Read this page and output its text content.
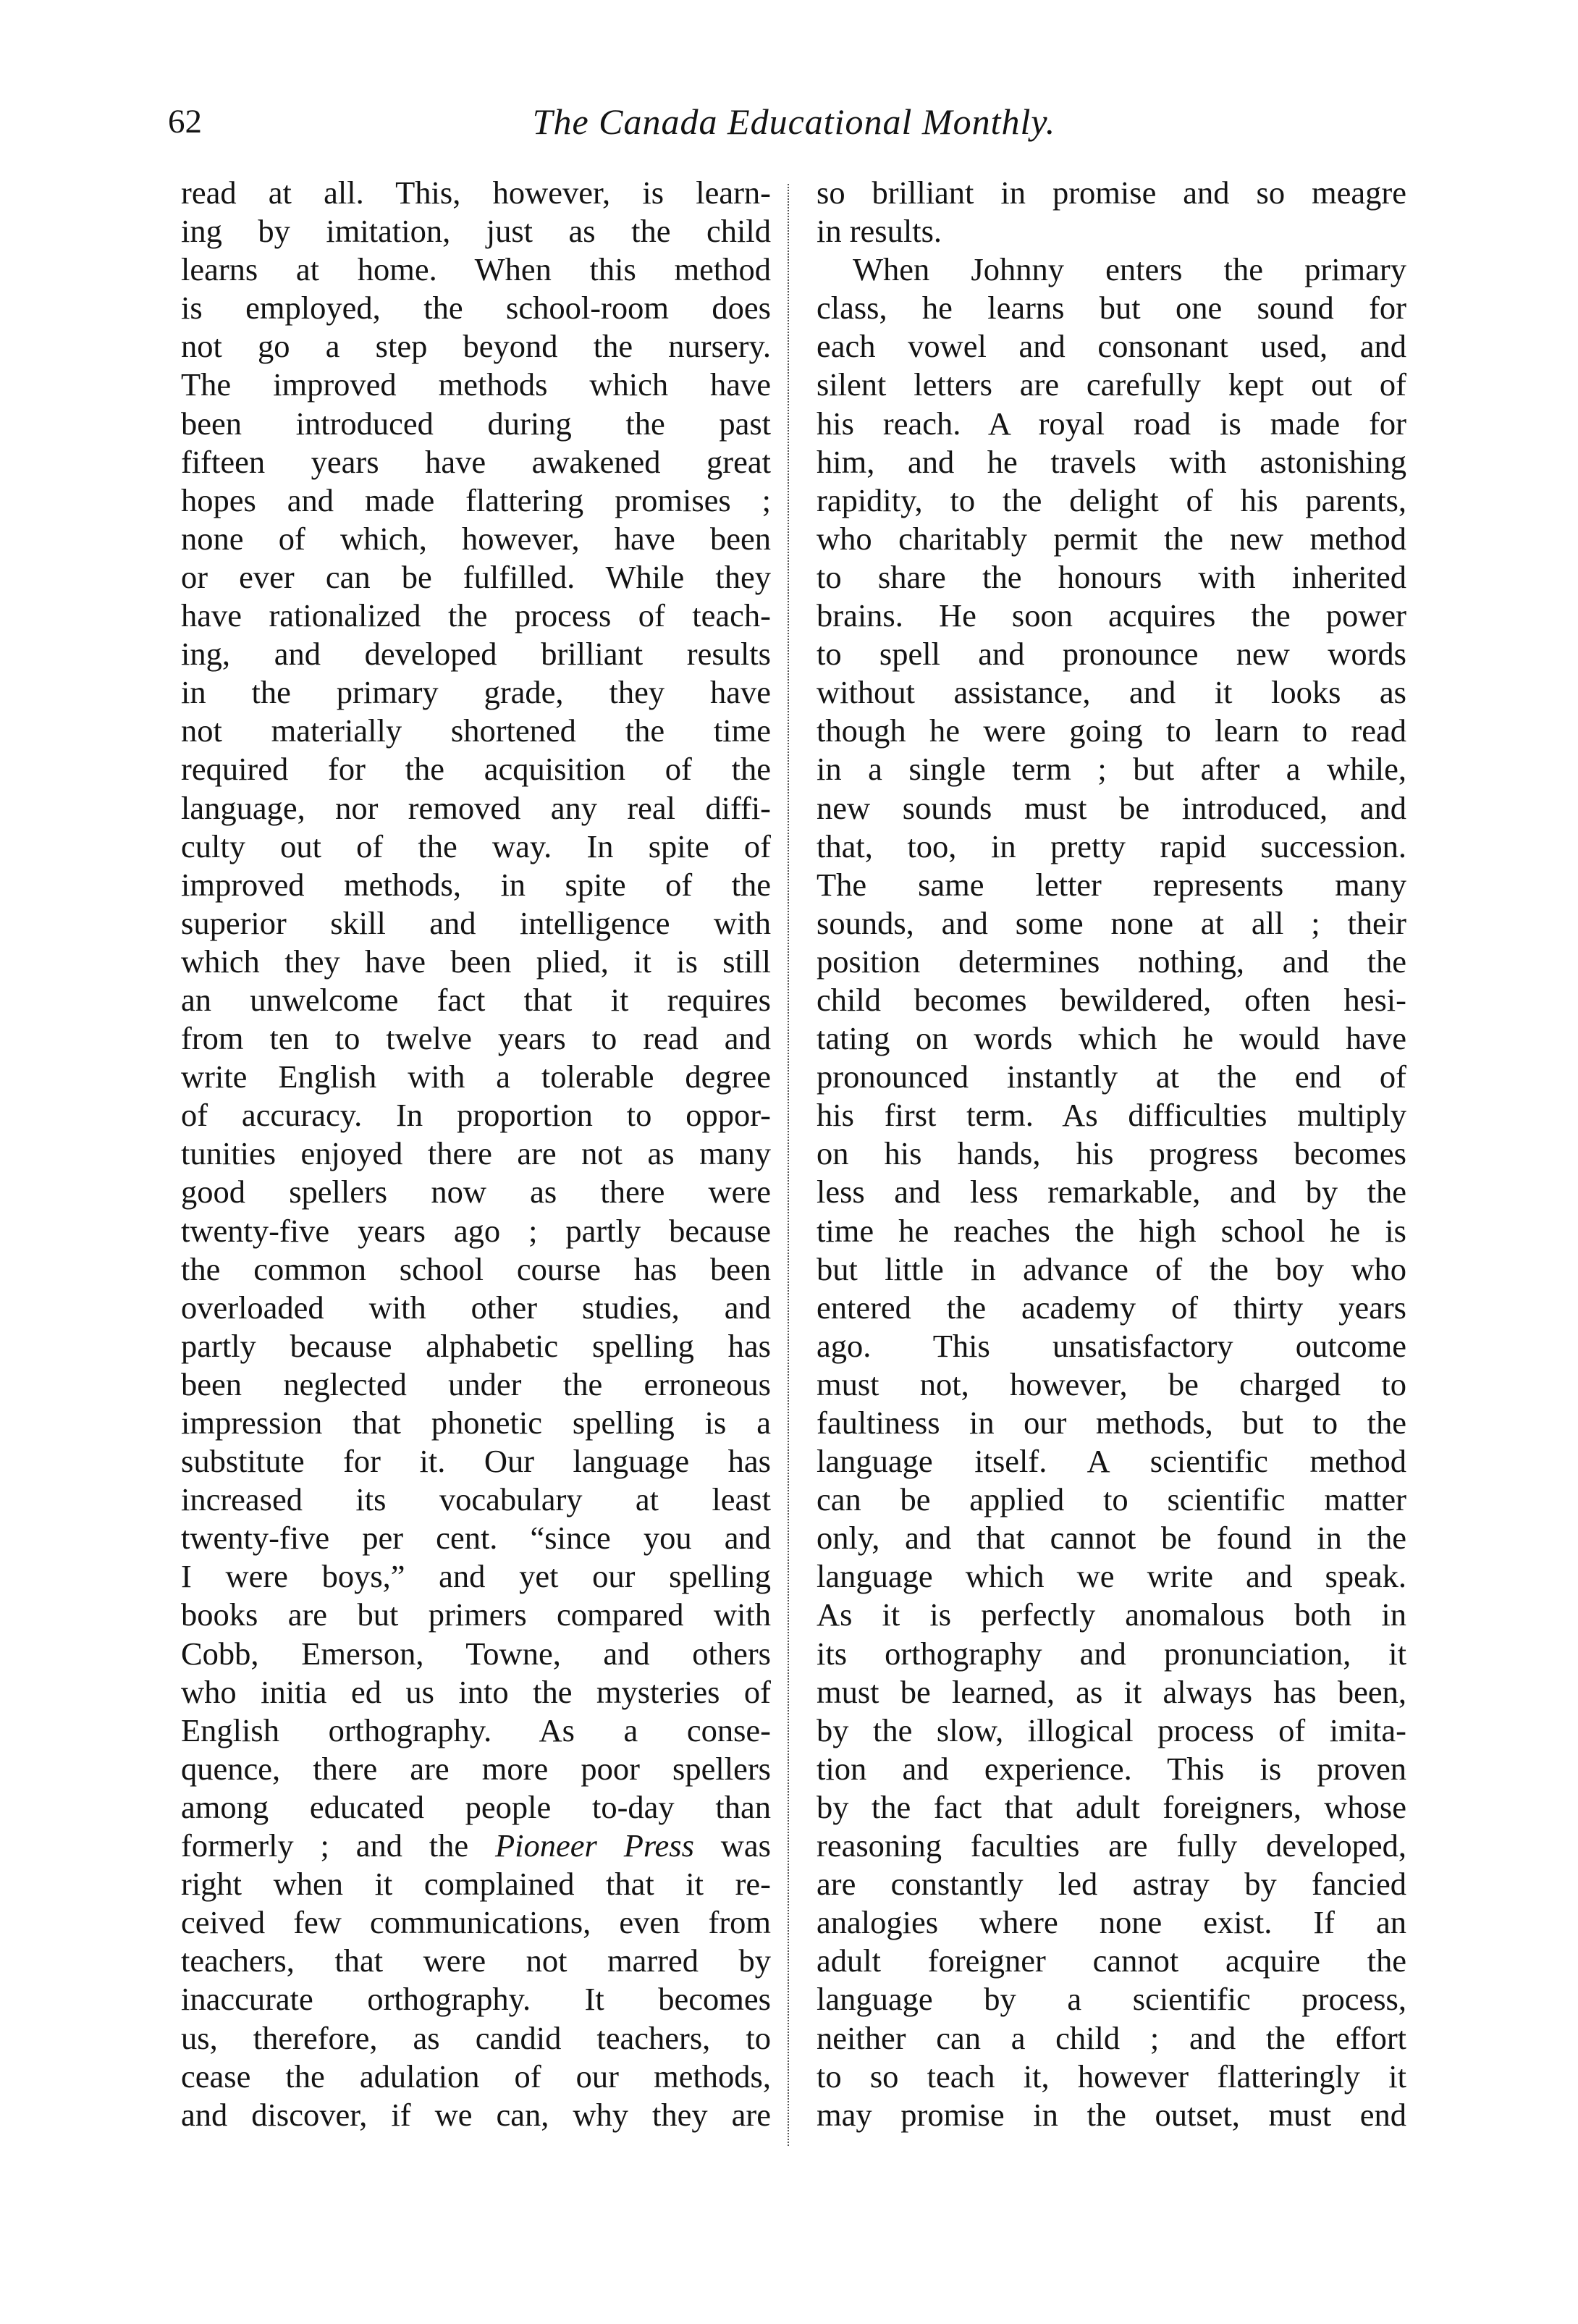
62	The Canada Educational Monthly.
read at all. This, however, is learn-
ing by imitation, just as the child
learns at home. When this method
is employed, the school-room does
not go a step beyond the nursery.
The improved methods which have
been introduced during the past
fifteen years have awakened great
hopes and made flattering promises ;
none of which, however, have been
or ever can be fulfilled. While they
have rationalized the process of teach-
ing, and developed brilliant results
in the primary grade, they have
not materially shortened the time
required for the acquisition of the
language, nor removed any real diffi-
culty out of the way. In spite of
improved methods, in spite of the
superior skill and intelligence with
which they have been plied, it is still
an unwelcome fact that it requires
from ten to twelve years to read and
write English with a tolerable degree
of accuracy. In proportion to oppor-
tunities enjoyed there are not as many
good spellers now as there were
twenty-five years ago ; partly because
the common school course has been
overloaded with other studies, and
partly because alphabetic spelling has
been neglected under the erroneous
impression that phonetic spelling is a
substitute for it. Our language has
increased its vocabulary at least
twenty-five per cent. “since you and
I were boys,” and yet our spelling
books are but primers compared with
Cobb, Emerson, Towne, and others
who initia ed us into the mysteries of
English orthography. As a conse-
quence, there are more poor spellers
among educated people to-day than
formerly ; and the Pioneer Press was
right when it complained that it re-
ceived few communications, even from
teachers, that were not marred by
inaccurate orthography. It becomes
us, therefore, as candid teachers, to
cease the adulation of our methods,
and discover, if we can, why they are
so brilliant in promise and so meagre
in results.
When Johnny enters the primary
class, he learns but one sound for
each vowel and consonant used, and
silent letters are carefully kept out of
his reach. A royal road is made for
him, and he travels with astonishing
rapidity, to the delight of his parents,
who charitably permit the new method
to share the honours with inherited
brains. He soon acquires the power
to spell and pronounce new words
without assistance, and it looks as
though he were going to learn to read
in a single term ; but after a while,
new sounds must be introduced, and
that, too, in pretty rapid succession.
The same letter represents many
sounds, and some none at all ; their
position determines nothing, and the
child becomes bewildered, often hesi-
tating on words which he would have
pronounced instantly at the end of
his first term. As difficulties multiply
on his hands, his progress becomes
less and less remarkable, and by the
time he reaches the high school he is
but little in advance of the boy who
entered the academy of thirty years
ago. This unsatisfactory outcome
must not, however, be charged to
faultiness in our methods, but to the
language itself. A scientific method
can be applied to scientific matter
only, and that cannot be found in the
language which we write and speak.
As it is perfectly anomalous both in
its orthography and pronunciation, it
must be learned, as it always has been,
by the slow, illogical process of imita-
tion and experience. This is proven
by the fact that adult foreigners, whose
reasoning faculties are fully developed,
are constantly led astray by fancied
analogies where none exist. If an
adult foreigner cannot acquire the
language by a scientific process,
neither can a child ; and the effort
to so teach it, however flatteringly it
may promise in the outset, must end
